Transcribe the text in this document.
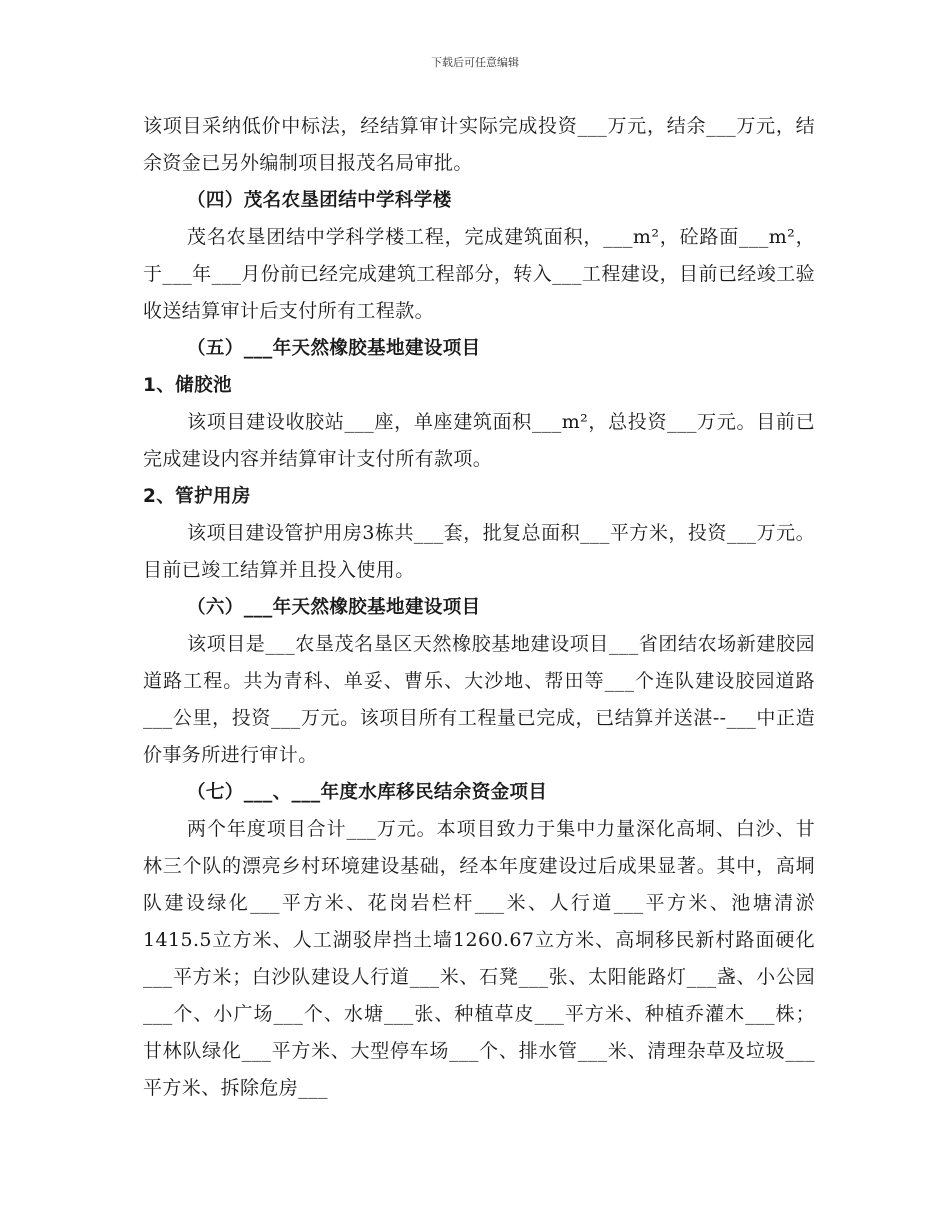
下载后可任意编辑

该项目采纳低价中标法，经结算审计实际完成投资___万元，结余___万元，结余资金已另外编制项目报茂名局审批。

（四）茂名农垦团结中学科学楼

茂名农垦团结中学科学楼工程，完成建筑面积，___m²，砼路面___m²，于___年___月份前已经完成建筑工程部分，转入___工程建设，目前已经竣工验收送结算审计后支付所有工程款。

（五）___年天然橡胶基地建设项目

1、储胶池

该项目建设收胶站___座，单座建筑面积___m²，总投资___万元。目前已完成建设内容并结算审计支付所有款项。

2、管护用房

该项目建设管护用房3栋共___套，批复总面积___平方米，投资___万元。目前已竣工结算并且投入使用。

（六）___年天然橡胶基地建设项目

该项目是___农垦茂名垦区天然橡胶基地建设项目___省团结农场新建胶园道路工程。共为青科、单妥、曹乐、大沙地、帮田等___个连队建设胶园道路___公里，投资___万元。该项目所有工程量已完成，已结算并送湛--___中正造价事务所进行审计。

（七）___、___年度水库移民结余资金项目

两个年度项目合计___万元。本项目致力于集中力量深化高垌、白沙、甘林三个队的漂亮乡村环境建设基础，经本年度建设过后成果显著。其中，高垌队建设绿化___平方米、花岗岩栏杆___米、人行道___平方米、池塘清淤1415.5立方米、人工湖驳岸挡土墙1260.67立方米、高垌移民新村路面硬化___平方米；白沙队建设人行道___米、石凳___张、太阳能路灯___盏、小公园___个、小广场___个、水塘___张、种植草皮___平方米、种植乔灌木___株；甘林队绿化___平方米、大型停车场___个、排水管___米、清理杂草及垃圾___平方米、拆除危房___
